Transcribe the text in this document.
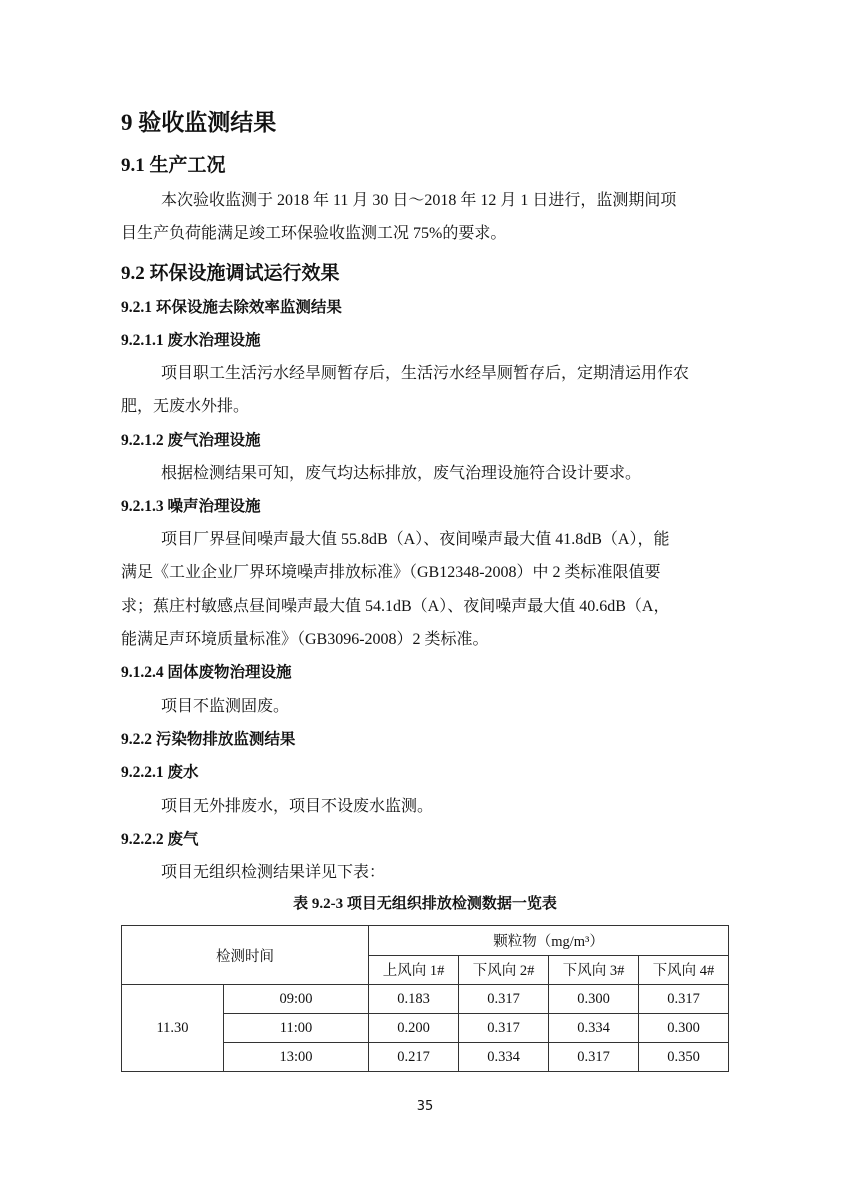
9 验收监测结果
9.1 生产工况
本次验收监测于 2018 年 11 月 30 日～2018 年 12 月 1 日进行，监测期间项
目生产负荷能满足竣工环保验收监测工况 75%的要求。
9.2 环保设施调试运行效果
9.2.1 环保设施去除效率监测结果
9.2.1.1 废水治理设施
项目职工生活污水经旱厕暂存后，生活污水经旱厕暂存后，定期清运用作农
肥，无废水外排。
9.2.1.2 废气治理设施
根据检测结果可知，废气均达标排放，废气治理设施符合设计要求。
9.2.1.3 噪声治理设施
项目厂界昼间噪声最大值 55.8dB（A）、夜间噪声最大值 41.8dB（A），能
满足《工业企业厂界环境噪声排放标准》（GB12348-2008）中 2 类标准限值要
求；蕉庄村敏感点昼间噪声最大值 54.1dB（A）、夜间噪声最大值 40.6dB（A，
能满足声环境质量标准》（GB3096-2008）2 类标准。
9.1.2.4 固体废物治理设施
项目不监测固废。
9.2.2 污染物排放监测结果
9.2.2.1 废水
项目无外排废水，项目不设废水监测。
9.2.2.2 废气
项目无组织检测结果详见下表：
表 9.2-3 项目无组织排放检测数据一览表
检测时间		颗粒物（mg/m³）			
		上风向 1#	下风向 2#	下风向 3#	下风向 4#
11.30	09:00	0.183	0.317	0.300	0.317
	11:00	0.200	0.317	0.334	0.300
	13:00	0.217	0.334	0.317	0.350
35
